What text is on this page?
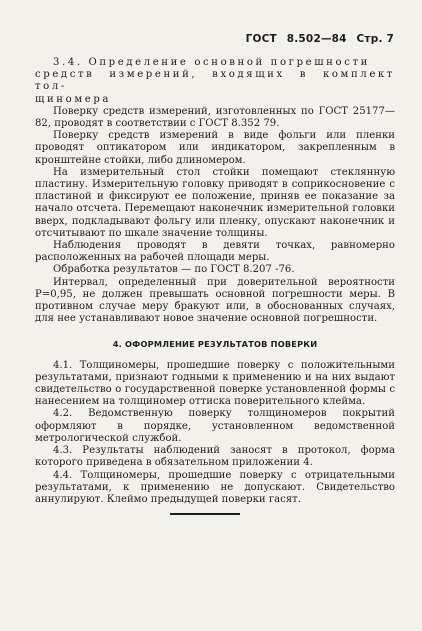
ГОСТ 8.502—84 Стр. 7

3.4. Определение основной погрешности

средств измерений, входящих в комплект тол-

щиномера

Поверку средств измерений, изготовленных по ГОСТ 25177—82, проводят в соответствии с ГОСТ 8.352 79.

Поверку средств измерений в виде фольги или пленки проводят оптикатором или индикатором, закрепленным в кронштейне стойки, либо длиномером.

На измерительный стол стойки помещают стеклянную пластину. Измерительную головку приводят в соприкосновение с пластиной и фиксируют ее положение, приняв ее показание за начало отсчета. Перемещают наконечник измерительной головки вверх, подкладывают фольгу или пленку, опускают наконечник и отсчитывают по шкале значение толщины.

Наблюдения проводят в девяти точках, равномерно расположенных на рабочей площади меры.

Обработка результатов — по ГОСТ 8.207 -76.

Интервал, определенный при доверительной вероятности P=0,95, не должен превышать основной погрешности меры. В противном случае меру бракуют или, в обоснованных случаях, для нее устанавливают новое значение основной погрешности.

4. ОФОРМЛЕНИЕ РЕЗУЛЬТАТОВ ПОВЕРКИ

4.1. Толщиномеры, прошедшие поверку с положительными результатами, признают годными к применению и на них выдают свидетельство о государственной поверке установленной формы с нанесением на толщиномер оттиска поверительного клейма.

4.2. Ведомственную поверку толщиномеров покрытий оформляют в порядке, установленном ведомственной метрологической службой.

4.3. Результаты наблюдений заносят в протокол, форма которого приведена в обязательном приложении 4.

4.4. Толщиномеры, прошедшие поверку с отрицательными результатами, к применению не допускают. Свидетельство аннулируют. Клеймо предыдущей поверки гасят.
